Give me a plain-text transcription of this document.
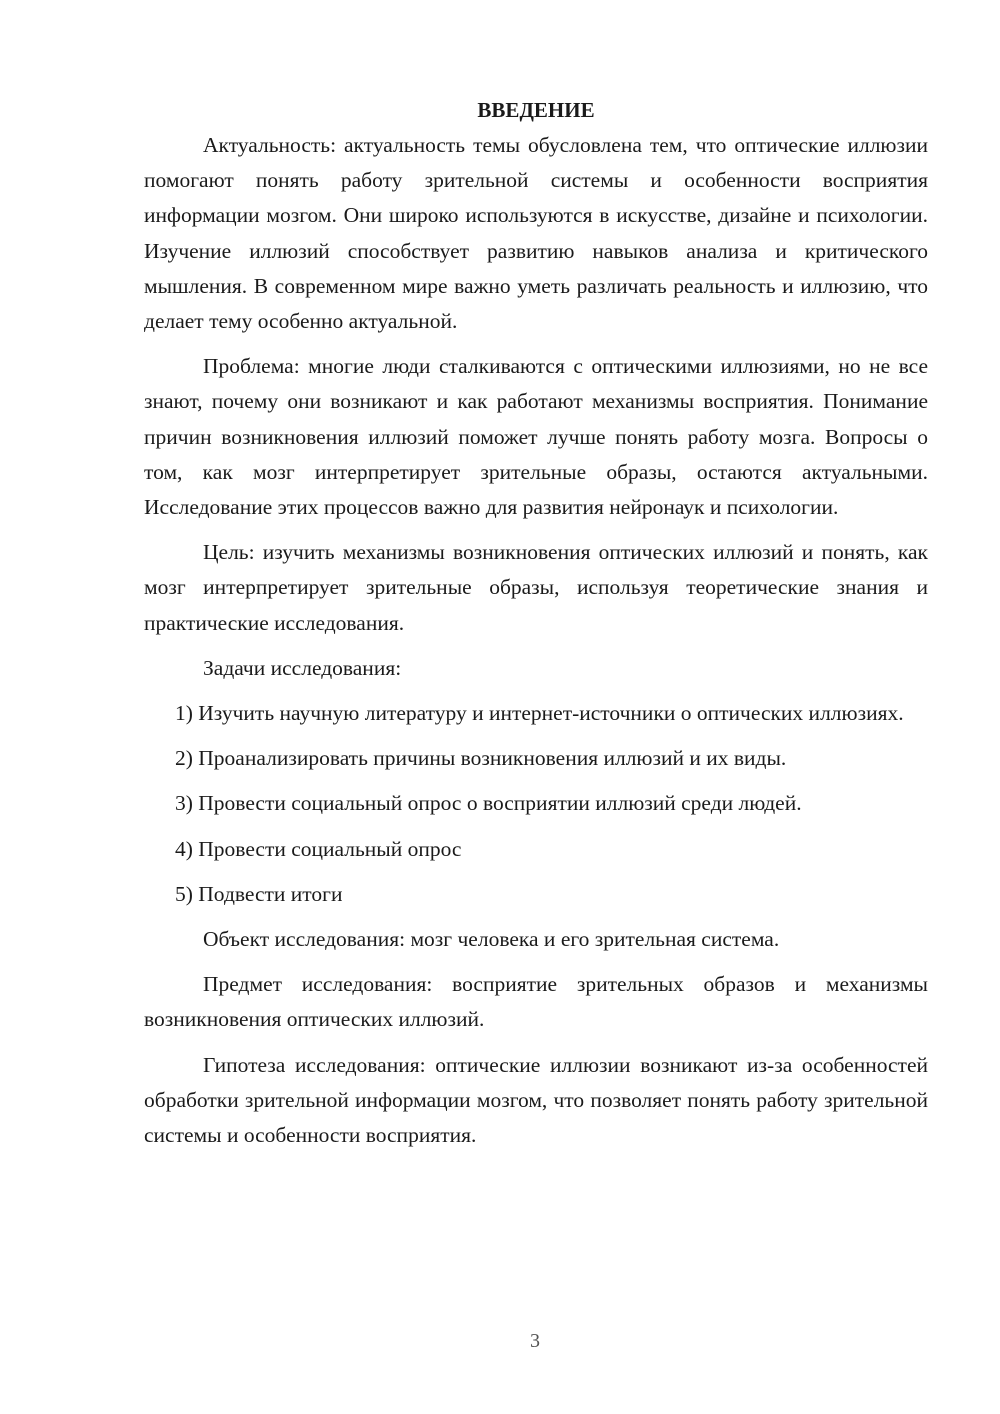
ВВЕДЕНИЕ

Актуальность: актуальность темы обусловлена тем, что оптические иллюзии помогают понять работу зрительной системы и особенности восприятия информации мозгом. Они широко используются в искусстве, дизайне и психологии. Изучение иллюзий способствует развитию навыков анализа и критического мышления. В современном мире важно уметь различать реальность и иллюзию, что делает тему особенно актуальной.

Проблема: многие люди сталкиваются с оптическими иллюзиями, но не все знают, почему они возникают и как работают механизмы восприятия. Понимание причин возникновения иллюзий поможет лучше понять работу мозга. Вопросы о том, как мозг интерпретирует зрительные образы, остаются актуальными. Исследование этих процессов важно для развития нейронаук и психологии.

Цель: изучить механизмы возникновения оптических иллюзий и понять, как мозг интерпретирует зрительные образы, используя теоретические знания и практические исследования.

Задачи исследования:

1) Изучить научную литературу и интернет-источники о оптических иллюзиях.

2) Проанализировать причины возникновения иллюзий и их виды.

3) Провести социальный опрос о восприятии иллюзий среди людей.

4) Провести социальный опрос

5) Подвести итоги

Объект исследования: мозг человека и его зрительная система.

Предмет исследования: восприятие зрительных образов и механизмы возникновения оптических иллюзий.

Гипотеза исследования: оптические иллюзии возникают из-за особенностей обработки зрительной информации мозгом, что позволяет понять работу зрительной системы и особенности восприятия.

3
